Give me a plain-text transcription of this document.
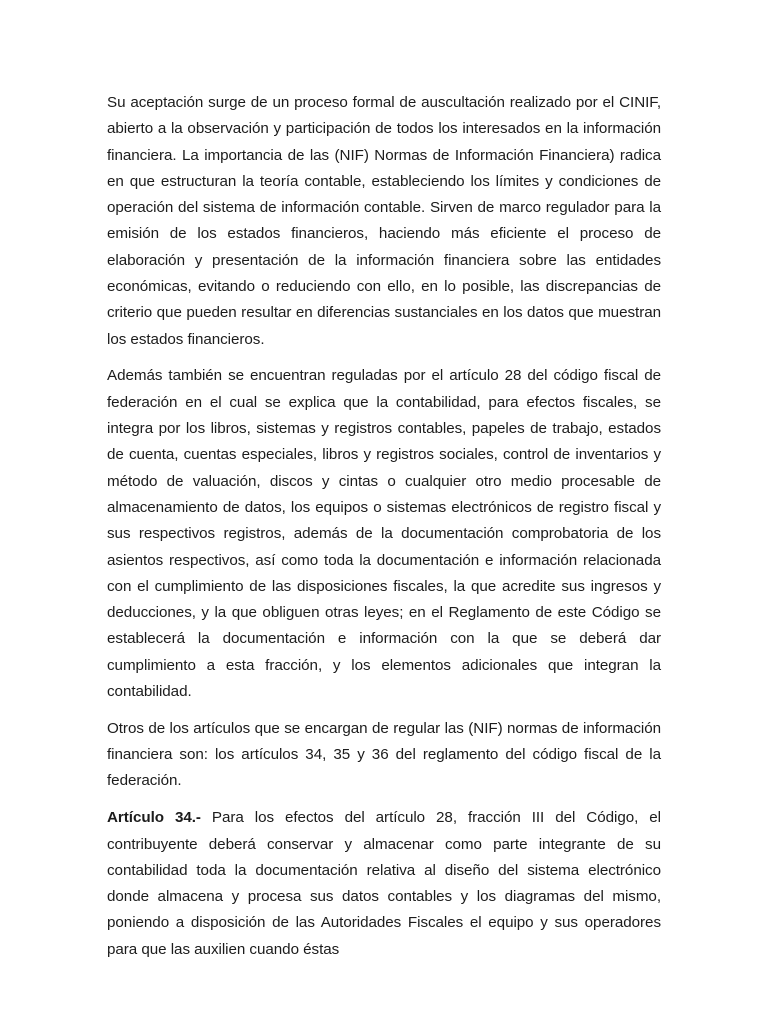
Su aceptación surge de un proceso formal de auscultación realizado por el CINIF, abierto a la observación y participación de todos los interesados en la información financiera. La importancia de las (NIF) Normas de Información Financiera) radica en que estructuran la teoría contable, estableciendo los límites y condiciones de operación del sistema de información contable. Sirven de marco regulador para la emisión de los estados financieros, haciendo más eficiente el proceso de elaboración y presentación de la información financiera sobre las entidades económicas, evitando o reduciendo con ello, en lo posible, las discrepancias de criterio que pueden resultar en diferencias sustanciales en los datos que muestran los estados financieros.

Además también se encuentran reguladas por el artículo 28 del código fiscal de federación en el cual se explica que la contabilidad, para efectos fiscales, se integra por los libros, sistemas y registros contables, papeles de trabajo, estados de cuenta, cuentas especiales, libros y registros sociales, control de inventarios y método de valuación, discos y cintas o cualquier otro medio procesable de almacenamiento de datos, los equipos o sistemas electrónicos de registro fiscal y sus respectivos registros, además de la documentación comprobatoria de los asientos respectivos, así como toda la documentación e información relacionada con el cumplimiento de las disposiciones fiscales, la que acredite sus ingresos y deducciones, y la que obliguen otras leyes; en el Reglamento de este Código se establecerá la documentación e información con la que se deberá dar cumplimiento a esta fracción, y los elementos adicionales que integran la contabilidad.

Otros de los artículos que se encargan de regular las (NIF) normas de información financiera son: los artículos 34, 35 y 36 del reglamento del código fiscal de la federación.

Artículo 34.- Para los efectos del artículo 28, fracción III del Código, el contribuyente deberá conservar y almacenar como parte integrante de su contabilidad toda la documentación relativa al diseño del sistema electrónico donde almacena y procesa sus datos contables y los diagramas del mismo, poniendo a disposición de las Autoridades Fiscales el equipo y sus operadores para que las auxilien cuando éstas
